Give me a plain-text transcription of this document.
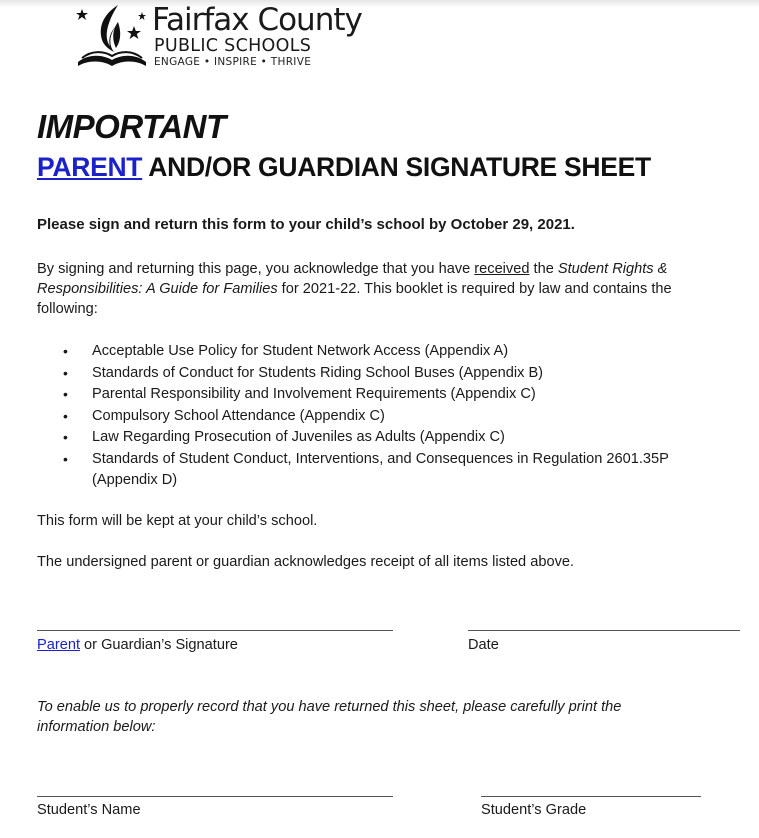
Fairfax County
PUBLIC SCHOOLS
ENGAGE • INSPIRE • THRIVE
IMPORTANT
PARENT AND/OR GUARDIAN SIGNATURE SHEET
Please sign and return this form to your child’s school by October 29, 2021.
By signing and returning this page, you acknowledge that you have received the Student Rights &
Responsibilities: A Guide for Families for 2021-22. This booklet is required by law and contains the
following:
• Acceptable Use Policy for Student Network Access (Appendix A)
• Standards of Conduct for Students Riding School Buses (Appendix B)
• Parental Responsibility and Involvement Requirements (Appendix C)
• Compulsory School Attendance (Appendix C)
• Law Regarding Prosecution of Juveniles as Adults (Appendix C)
• Standards of Student Conduct, Interventions, and Consequences in Regulation 2601.35P
(Appendix D)
This form will be kept at your child’s school.
The undersigned parent or guardian acknowledges receipt of all items listed above.
Parent or Guardian’s Signature	Date
To enable us to properly record that you have returned this sheet, please carefully print the
information below:
Student’s Name	Student’s Grade
